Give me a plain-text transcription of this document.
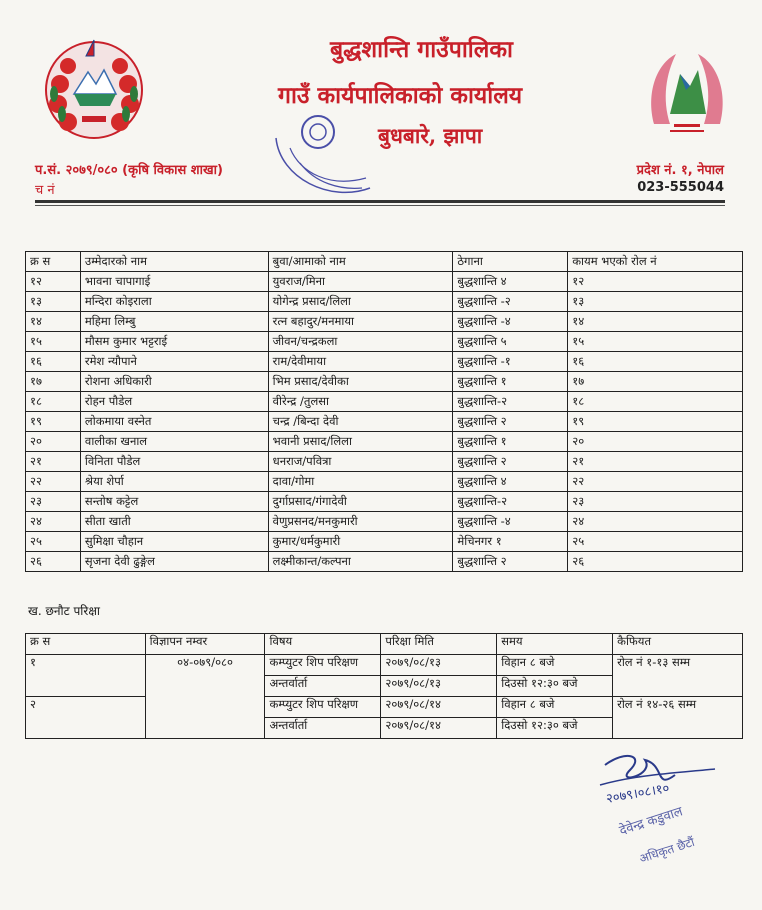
बुद्धशान्ति गाउँपालिका
गाउँ कार्यपालिकाको कार्यालय
बुधबारे, झापा
प.सं. २०७९/०८० (कृषि विकास शाखा)
च नं
प्रदेश नं. १, नेपाल
023-555044
क्र स	उम्मेदारको नाम	बुवा/आमाको नाम	ठेगाना	कायम भएको रोल नं
१२	भावना चापागाई	युवराज/मिना	बुद्धशान्ति ४	१२
१३	मन्दिरा कोइराला	योगेन्द्र प्रसाद/लिला	बुद्धशान्ति -२	१३
१४	महिमा लिम्बु	रत्न बहादुर/मनमाया	बुद्धशान्ति -४	१४
१५	मौसम कुमार भट्टराई	जीवन/चन्द्रकला	बुद्धशान्ति ५	१५
१६	रमेश न्यौपाने	राम/देवीमाया	बुद्धशान्ति -१	१६
१७	रोशना अधिकारी	भिम प्रसाद/देवीका	बुद्धशान्ति १	१७
१८	रोहन पौडेल	वीरेन्द्र /तुलसा	बुद्धशान्ति-२	१८
१९	लोकमाया वस्नेत	चन्द्र /बिन्दा देवी	बुद्धशान्ति २	१९
२०	वालीका खनाल	भवानी प्रसाद/लिला	बुद्धशान्ति १	२०
२१	विनिता पौडेल	धनराज/पवित्रा	बुद्धशान्ति २	२१
२२	श्रेया शेर्पा	दावा/गोमा	बुद्धशान्ति ४	२२
२३	सन्तोष कट्टेल	दुर्गाप्रसाद/गंगादेवी	बुद्धशान्ति-२	२३
२४	सीता खाती	वेणुप्रसनद/मनकुमारी	बुद्धशान्ति -४	२४
२५	सुमिक्षा चौहान	कुमार/धर्मकुमारी	मेचिनगर १	२५
२६	सृजना देवी ढुङ्गेल	लक्ष्मीकान्त/कल्पना	बुद्धशान्ति २	२६
ख. छनौट परिक्षा
क्र स	विज्ञापन नम्वर	विषय	परिक्षा मिति	समय	कैफियत
१	०४-०७९/०८०	कम्प्युटर शिप परिक्षण	२०७९/०८/१३	विहान ८ बजे	रोल नं १-१३ सम्म
		अन्तर्वार्ता	२०७९/०८/१३	दिउसो १२:३० बजे	
२		कम्प्युटर शिप परिक्षण	२०७९/०८/१४	विहान ८ बजे	रोल नं १४-२६ सम्म
		अन्तर्वार्ता	२०७९/०८/१४	दिउसो १२:३० बजे	
२०७९।०८।१०
देवेन्द्र कडुवाल
अधिकृत छैटौं
